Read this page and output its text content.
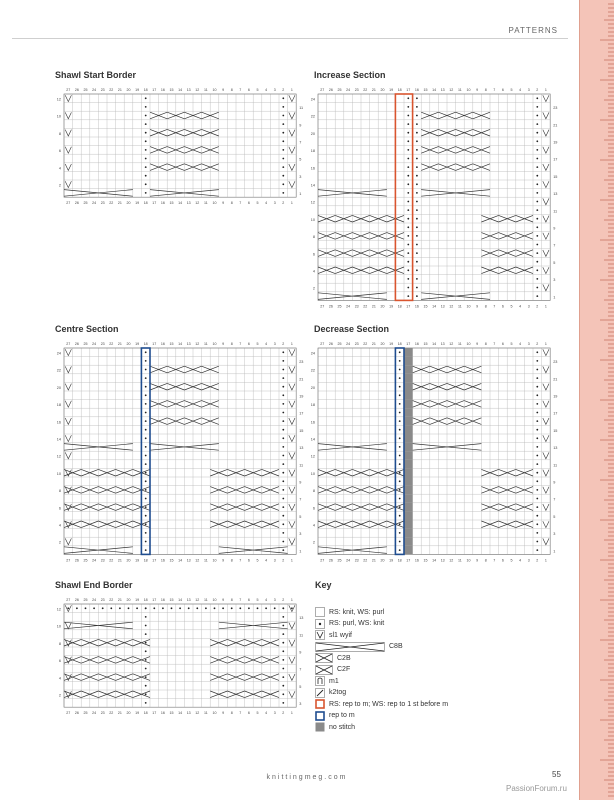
PATTERNS
Shawl Start Border
27
27
26
26
25
25
24
24
23
23
22
22
21
21
20
20
19
19
18
18
17
17
16
16
15
15
14
14
13
13
12
12
11
11
10
10
9
9
8
8
7
7
6
6
5
5
4
4
3
3
2
2
1
1
12
10
8
6
4
2
11
9
7
5
3
1
Increase Section
27
27
26
26
25
25
24
24
23
23
22
22
21
21
20
20
19
19
18
18
17
17
16
16
15
15
14
14
13
13
12
12
11
11
10
10
9
9
8
8
7
7
6
6
5
5
4
4
3
3
2
2
1
1
24
22
20
18
16
14
12
10
8
6
4
2
23
21
19
17
15
13
11
9
7
5
3
1
Centre Section
27
27
26
26
25
25
24
24
23
23
22
22
21
21
20
20
19
19
18
18
17
17
16
16
15
15
14
14
13
13
12
12
11
11
10
10
9
9
8
8
7
7
6
6
5
5
4
4
3
3
2
2
1
1
24
22
20
18
16
14
12
10
8
6
4
2
23
21
19
17
15
13
11
9
7
5
3
1
Decrease Section
27
27
26
26
25
25
24
24
23
23
22
22
21
21
20
20
19
19
18
18
17
17
16
16
15
15
14
14
13
13
12
12
11
11
10
10
9
9
8
8
7
7
6
6
5
5
4
4
3
3
2
2
1
1
24
22
20
18
16
14
12
10
8
6
4
2
23
21
19
17
15
13
11
9
7
5
3
1
Shawl End Border
27
27
26
26
25
25
24
24
23
23
22
22
21
21
20
20
19
19
18
18
17
17
16
16
15
15
14
14
13
13
12
12
11
11
10
10
9
9
8
8
7
7
6
6
5
5
4
4
3
3
2
2
1
1
12
10
8
6
4
2
13
11
9
7
5
3
Key
RS: knit, WS: purl
RS: purl, WS: knit
sl1 wyif
C8B
C2B
C2F
m1
k2tog
RS: rep to m; WS: rep to 1 st before m
rep to m
no stitch
knittingmeg.com	55
PassionForum.ru
